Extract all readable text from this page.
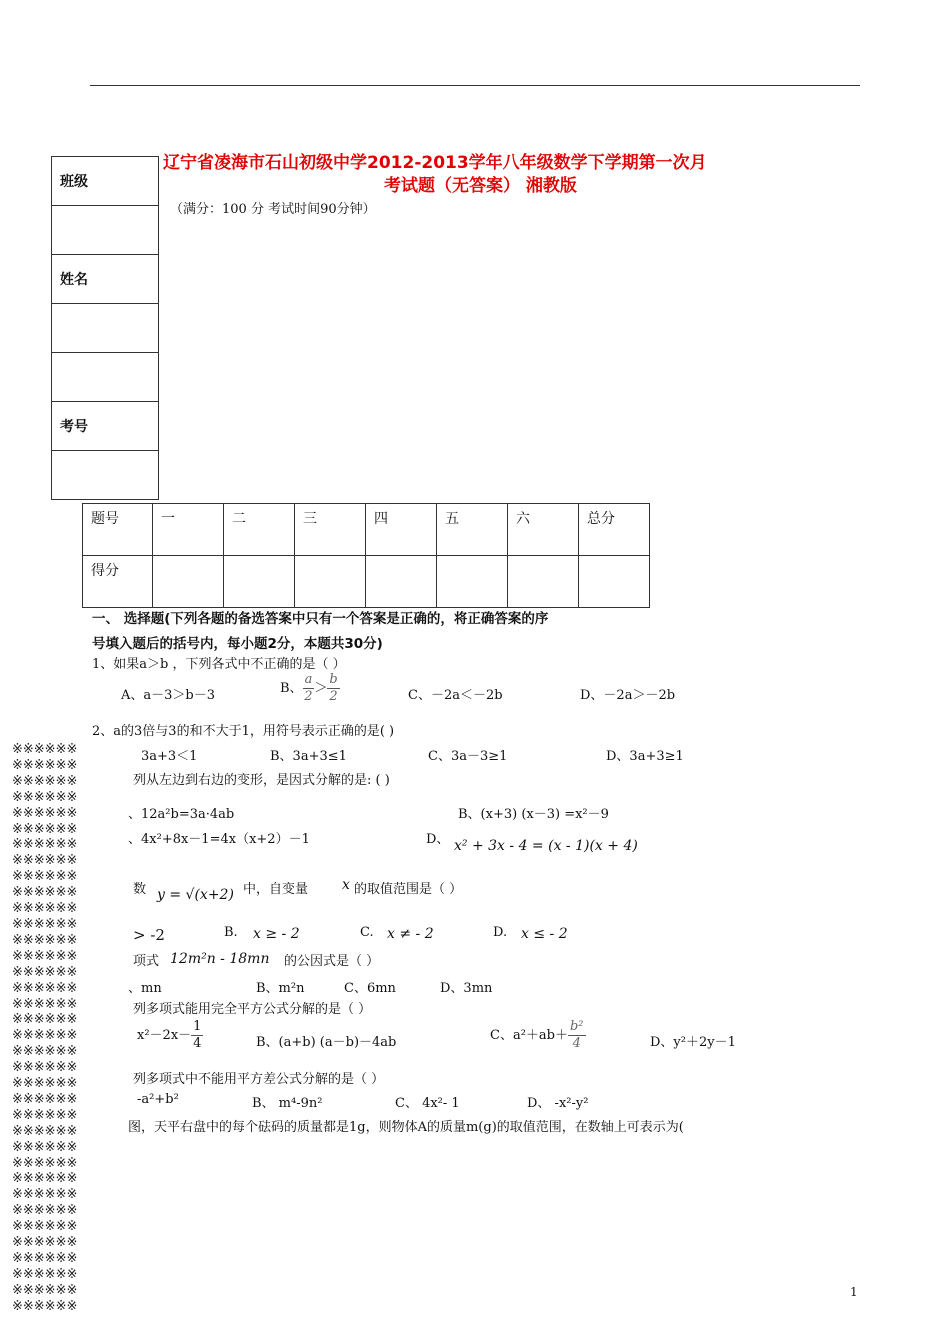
辽宁省凌海市石山初级中学2012-2013学年八年级数学下学期第一次月
考试题（无答案） 湘教版
（满分：100 分 考试时间90分钟）
班级

姓名

考号

题号	一	二	三	四	五	六	总分
得分							
一、 选择题(下列各题的备选答案中只有一个答案是正确的，将正确答案的序
号填入题后的括号内，每小题2分，本题共30分)
1、如果a＞b ，下列各式中不正确的是（ ）
A、a－3＞b－3	B、 $\frac{a}{2} > \frac{b}{2}$	C、－2a＜－2b	D、－2a＞－2b
2、a的3倍与3的和不大于1，用符号表示正确的是( )
3a+3＜1	B、3a+3≤1	C、3a－3≥1	D、3a+3≥1
列从左边到右边的变形，是因式分解的是: ( )
、12a²b=3a·4ab	B、(x+3) (x－3) =x²－9
、4x²+8x－1=4x（x+2）－1	D、 x² + 3x - 4 = (x - 1)(x + 4)
数 y = √(x+2) 中，自变量 x 的取值范围是（ ）
> -2	B. x ≥ - 2	C. x ≠ - 2	D. x ≤ - 2
项式 12m²n - 18mn 的公因式是（ ）
、mn	B、m²n	C、6mn	D、3mn
列多项式能用完全平方公式分解的是（ ）
$x^2-2x- \frac{1}{4}$	B、(a+b) (a－b)－4ab	C、$a^2+ab+ \frac{\text{b²}}{4}$	D、y²＋2y－1
列多项式中不能用平方差公式分解的是（ ）
-a²+b²	B、 m⁴-9n²	C、 4x²- 1	D、 -x²-y²
图，天平右盘中的每个砝码的质量都是1g，则物体A的质量m(g)的取值范围，在数轴上可表示为(
※※※※※※
※※※※※※
※※※※※※
※※※※※※
※※※※※※
※※※※※※
※※※※※※
※※※※※※
※※※※※※
※※※※※※
※※※※※※
※※※※※※
※※※※※※
※※※※※※
※※※※※※
※※※※※※
※※※※※※
※※※※※※
※※※※※※
※※※※※※
※※※※※※
※※※※※※
※※※※※※
※※※※※※
※※※※※※
※※※※※※
※※※※※※
※※※※※※
※※※※※※
※※※※※※
※※※※※※
※※※※※※
※※※※※※
※※※※※※
※※※※※※
※※※※※※
1
